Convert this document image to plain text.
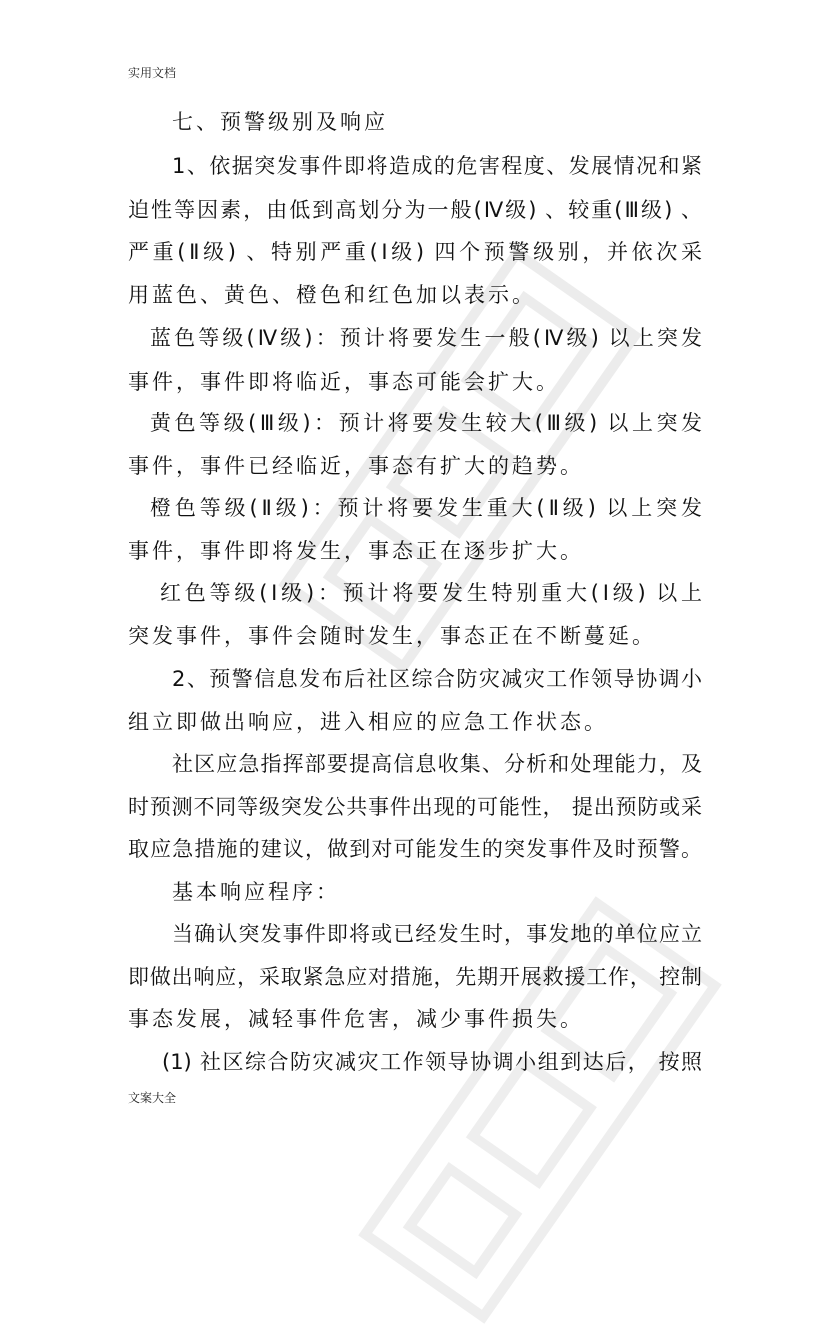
实用文档
七、预警级别及响应
1、依据突发事件即将造成的危害程度、发展情况和紧
迫性等因素，由低到高划分为一般(Ⅳ级) 、较重(Ⅲ级) 、
严重(Ⅱ级) 、特别严重(Ⅰ级) 四个预警级别，并依次采
用蓝色、黄色、橙色和红色加以表示。
蓝色等级(Ⅳ级)：预计将要发生一般(Ⅳ级) 以上突发
事件，事件即将临近，事态可能会扩大。
黄色等级(Ⅲ级)：预计将要发生较大(Ⅲ级) 以上突发
事件，事件已经临近，事态有扩大的趋势。
橙色等级(Ⅱ级)：预计将要发生重大(Ⅱ级) 以上突发
事件，事件即将发生，事态正在逐步扩大。
红色等级(Ⅰ级)：预计将要发生特别重大(Ⅰ级) 以上
突发事件，事件会随时发生，事态正在不断蔓延。
2、预警信息发布后社区综合防灾减灾工作领导协调小
组立即做出响应，进入相应的应急工作状态。
社区应急指挥部要提高信息收集、分析和处理能力，及
时预测不同等级突发公共事件出现的可能性， 提出预防或采
取应急措施的建议，做到对可能发生的突发事件及时预警。
基本响应程序：
当确认突发事件即将或已经发生时，事发地的单位应立
即做出响应，采取紧急应对措施，先期开展救援工作， 控制
事态发展，减轻事件危害，减少事件损失。
(1) 社区综合防灾减灾工作领导协调小组到达后， 按照
文案大全
